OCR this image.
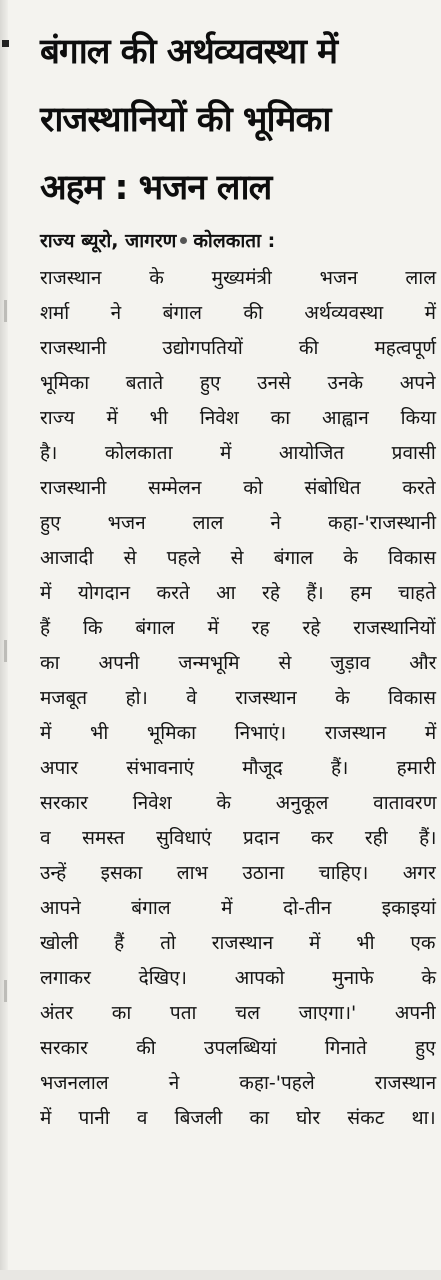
बंगाल की अर्थव्यवस्था में
राजस्थानियों की भूमिका
अहम : भजन लाल
राज्य ब्यूरो, जागरण कोलकाता :
राजस्थान के मुख्यमंत्री भजन लाल
शर्मा ने बंगाल की अर्थव्यवस्था में
राजस्थानी उद्योगपतियों की महत्वपूर्ण
भूमिका बताते हुए उनसे उनके अपने
राज्य में भी निवेश का आह्वान किया
है। कोलकाता में आयोजित प्रवासी
राजस्थानी सम्मेलन को संबोधित करते
हुए भजन लाल ने कहा-'राजस्थानी
आजादी से पहले से बंगाल के विकास
में योगदान करते आ रहे हैं। हम चाहते
हैं कि बंगाल में रह रहे राजस्थानियों
का अपनी जन्मभूमि से जुड़ाव और
मजबूत हो। वे राजस्थान के विकास
में भी भूमिका निभाएं। राजस्थान में
अपार संभावनाएं मौजूद हैं। हमारी
सरकार निवेश के अनुकूल वातावरण
व समस्त सुविधाएं प्रदान कर रही हैं।
उन्हें इसका लाभ उठाना चाहिए। अगर
आपने बंगाल में दो-तीन इकाइयां
खोली हैं तो राजस्थान में भी एक
लगाकर देखिए। आपको मुनाफे के
अंतर का पता चल जाएगा।' अपनी
सरकार की उपलब्धियां गिनाते हुए
भजनलाल ने कहा-'पहले राजस्थान
में पानी व बिजली का घोर संकट था।
